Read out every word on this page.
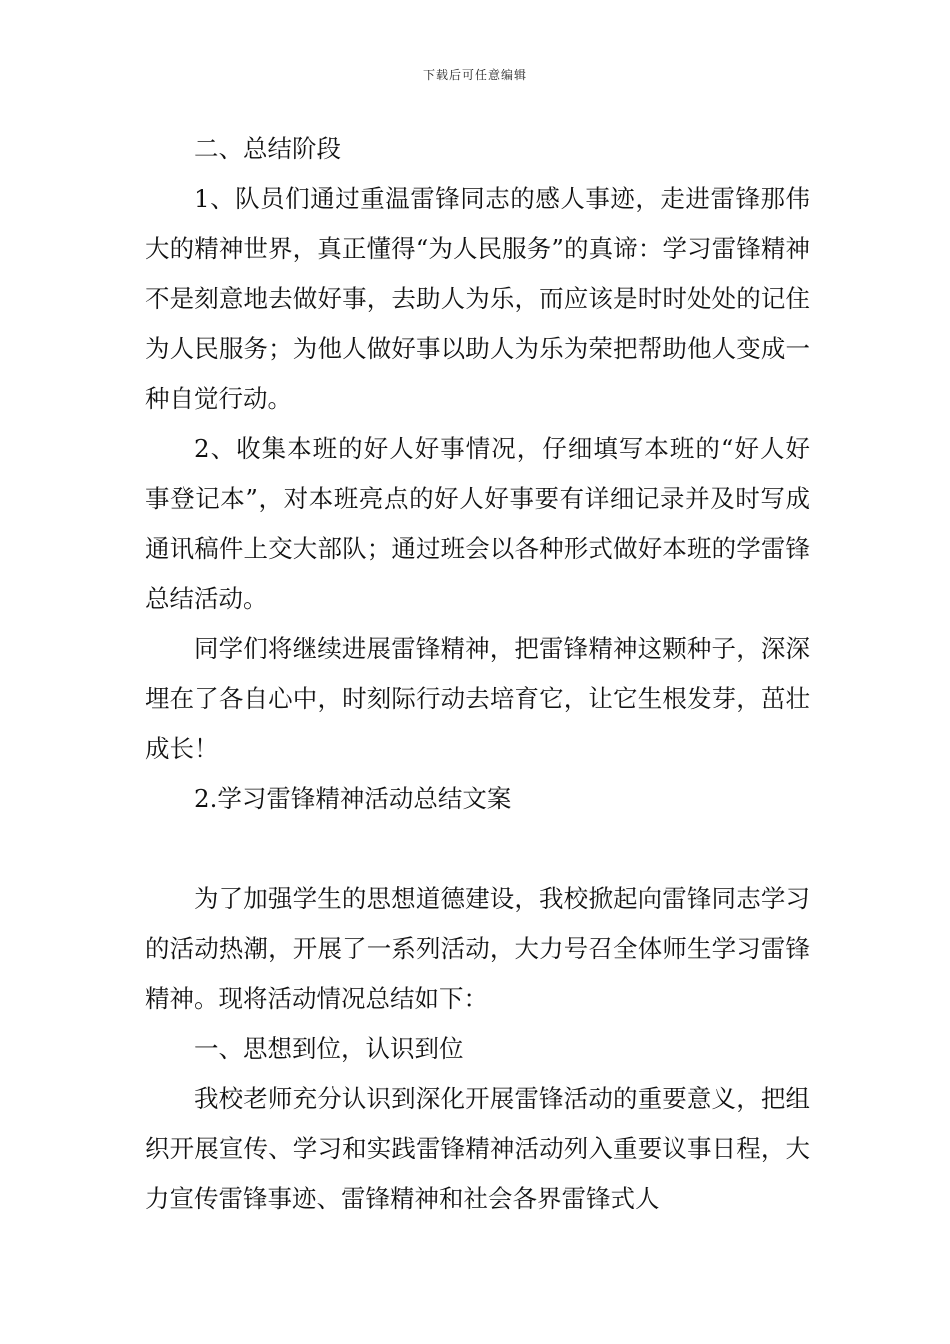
下载后可任意编辑

二、总结阶段

1、队员们通过重温雷锋同志的感人事迹，走进雷锋那伟大的精神世界，真正懂得“为人民服务”的真谛：学习雷锋精神不是刻意地去做好事，去助人为乐，而应该是时时处处的记住为人民服务；为他人做好事以助人为乐为荣把帮助他人变成一种自觉行动。

2、收集本班的好人好事情况，仔细填写本班的“好人好事登记本”，对本班亮点的好人好事要有详细记录并及时写成通讯稿件上交大部队；通过班会以各种形式做好本班的学雷锋总结活动。

同学们将继续进展雷锋精神，把雷锋精神这颗种子，深深埋在了各自心中，时刻际行动去培育它，让它生根发芽，茁壮成长！

2.学习雷锋精神活动总结文案

为了加强学生的思想道德建设，我校掀起向雷锋同志学习的活动热潮，开展了一系列活动，大力号召全体师生学习雷锋精神。现将活动情况总结如下：

一、思想到位，认识到位

我校老师充分认识到深化开展雷锋活动的重要意义，把组织开展宣传、学习和实践雷锋精神活动列入重要议事日程，大力宣传雷锋事迹、雷锋精神和社会各界雷锋式人
